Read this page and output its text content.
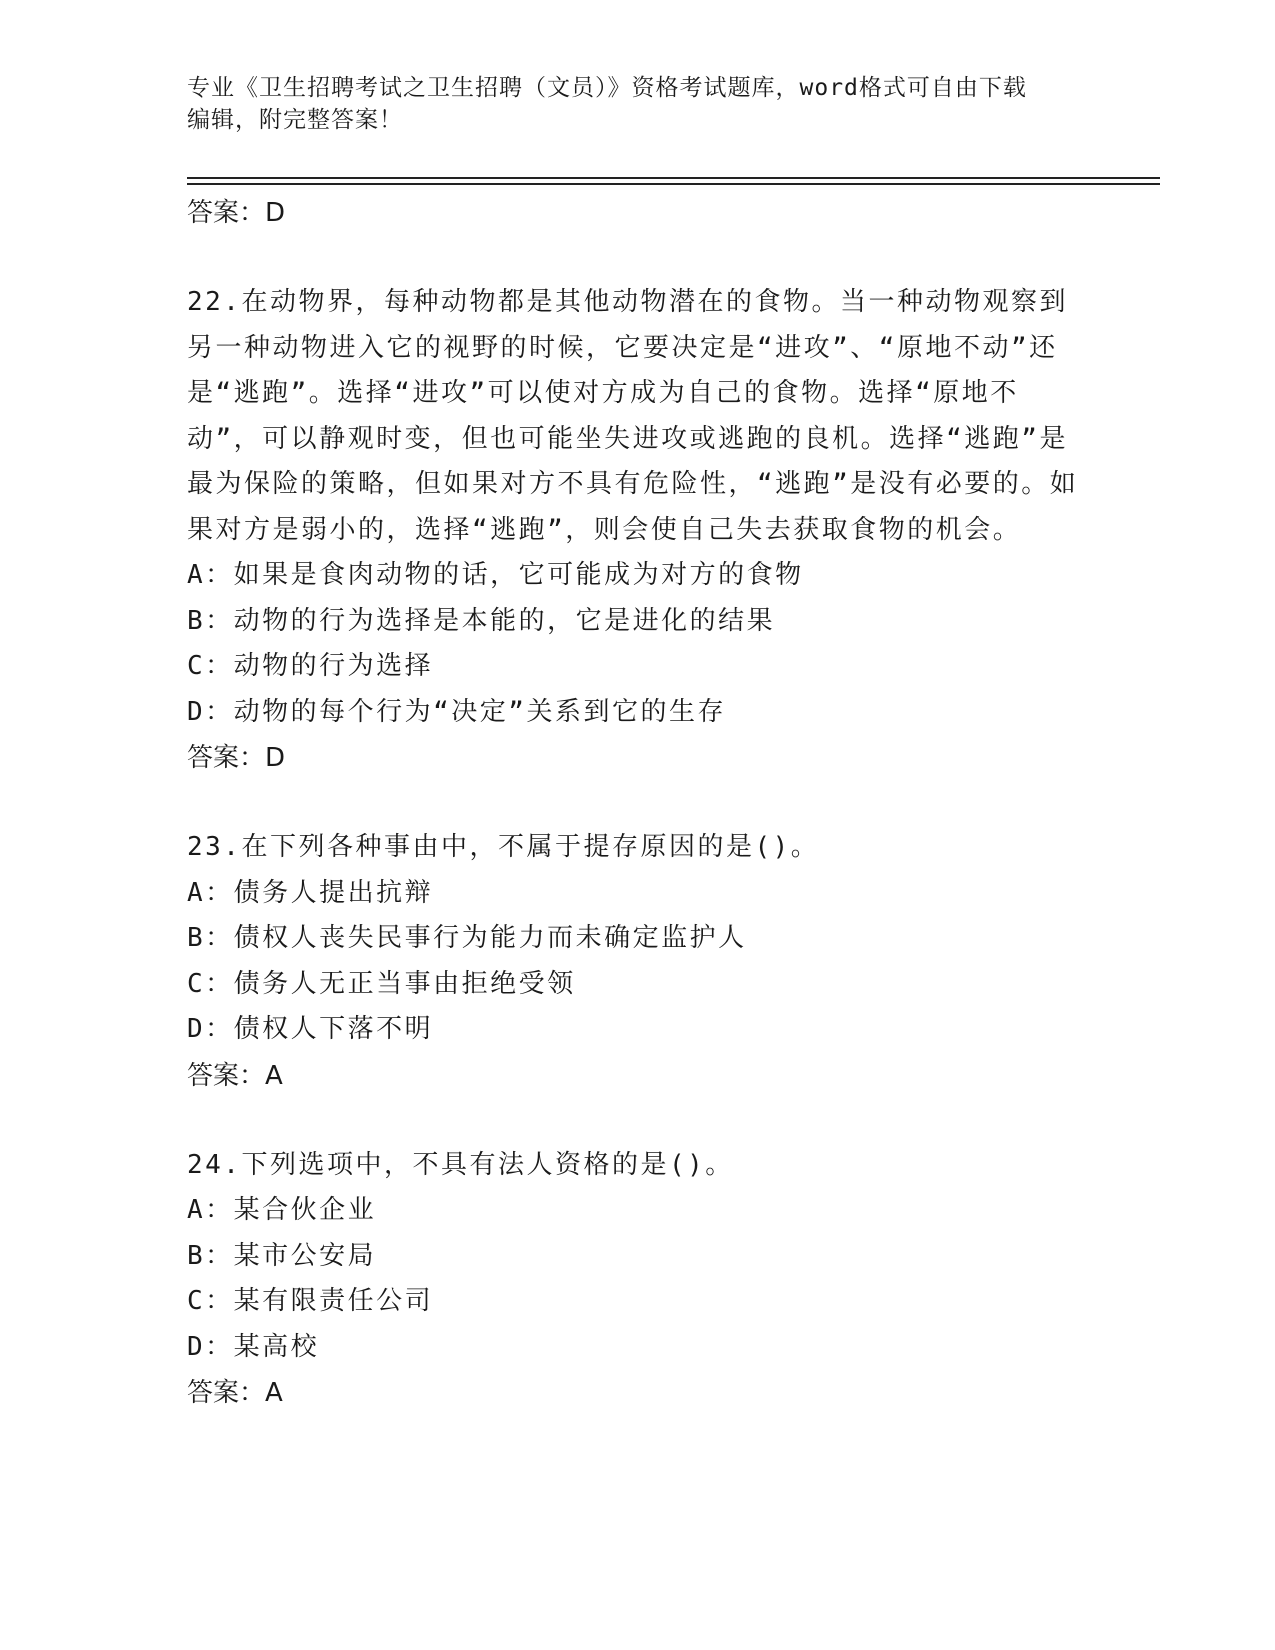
专业《卫生招聘考试之卫生招聘（文员）》资格考试题库，word格式可自由下载
编辑，附完整答案！
答案：D
22.在动物界，每种动物都是其他动物潜在的食物。当一种动物观察到另一种动物进入它的视野的时候，它要决定是“进攻”、“原地不动”还是“逃跑”。选择“进攻”可以使对方成为自己的食物。选择“原地不动”，可以静观时变，但也可能坐失进攻或逃跑的良机。选择“逃跑”是最为保险的策略，但如果对方不具有危险性，“逃跑”是没有必要的。如果对方是弱小的，选择“逃跑”，则会使自己失去获取食物的机会。
A：如果是食肉动物的话，它可能成为对方的食物
B：动物的行为选择是本能的，它是进化的结果
C：动物的行为选择
D：动物的每个行为“决定”关系到它的生存
答案：D
23.在下列各种事由中，不属于提存原因的是()。
A：债务人提出抗辩
B：债权人丧失民事行为能力而未确定监护人
C：债务人无正当事由拒绝受领
D：债权人下落不明
答案：A
24.下列选项中，不具有法人资格的是()。
A：某合伙企业
B：某市公安局
C：某有限责任公司
D：某高校
答案：A
